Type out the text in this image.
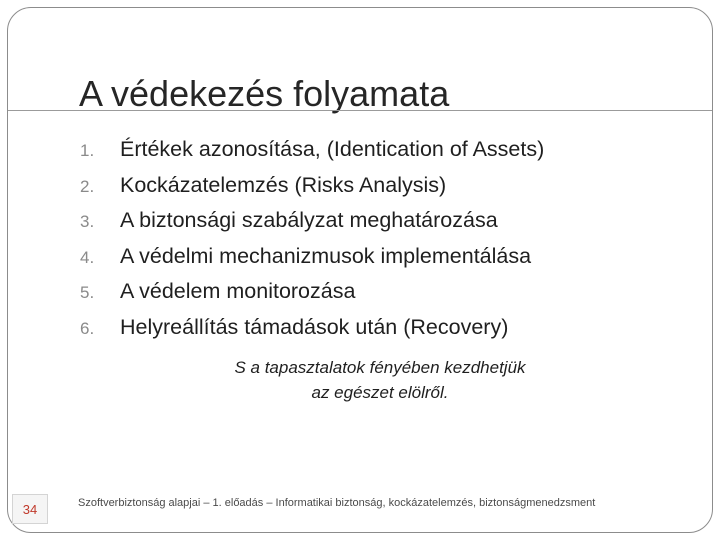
A védekezés folyamata
1.	Értékek azonosítása, (Identication of Assets)
2.	Kockázatelemzés (Risks Analysis)
3.	A biztonsági szabályzat meghatározása
4.	A védelmi mechanizmusok implementálása
5.	A védelem monitorozása
6.	Helyreállítás támadások után (Recovery)
S a tapasztalatok fényében kezdhetjük
az egészet elölről.
34	Szoftverbiztonság alapjai – 1. előadás – Informatikai biztonság, kockázatelemzés, biztonságmenedzsment
